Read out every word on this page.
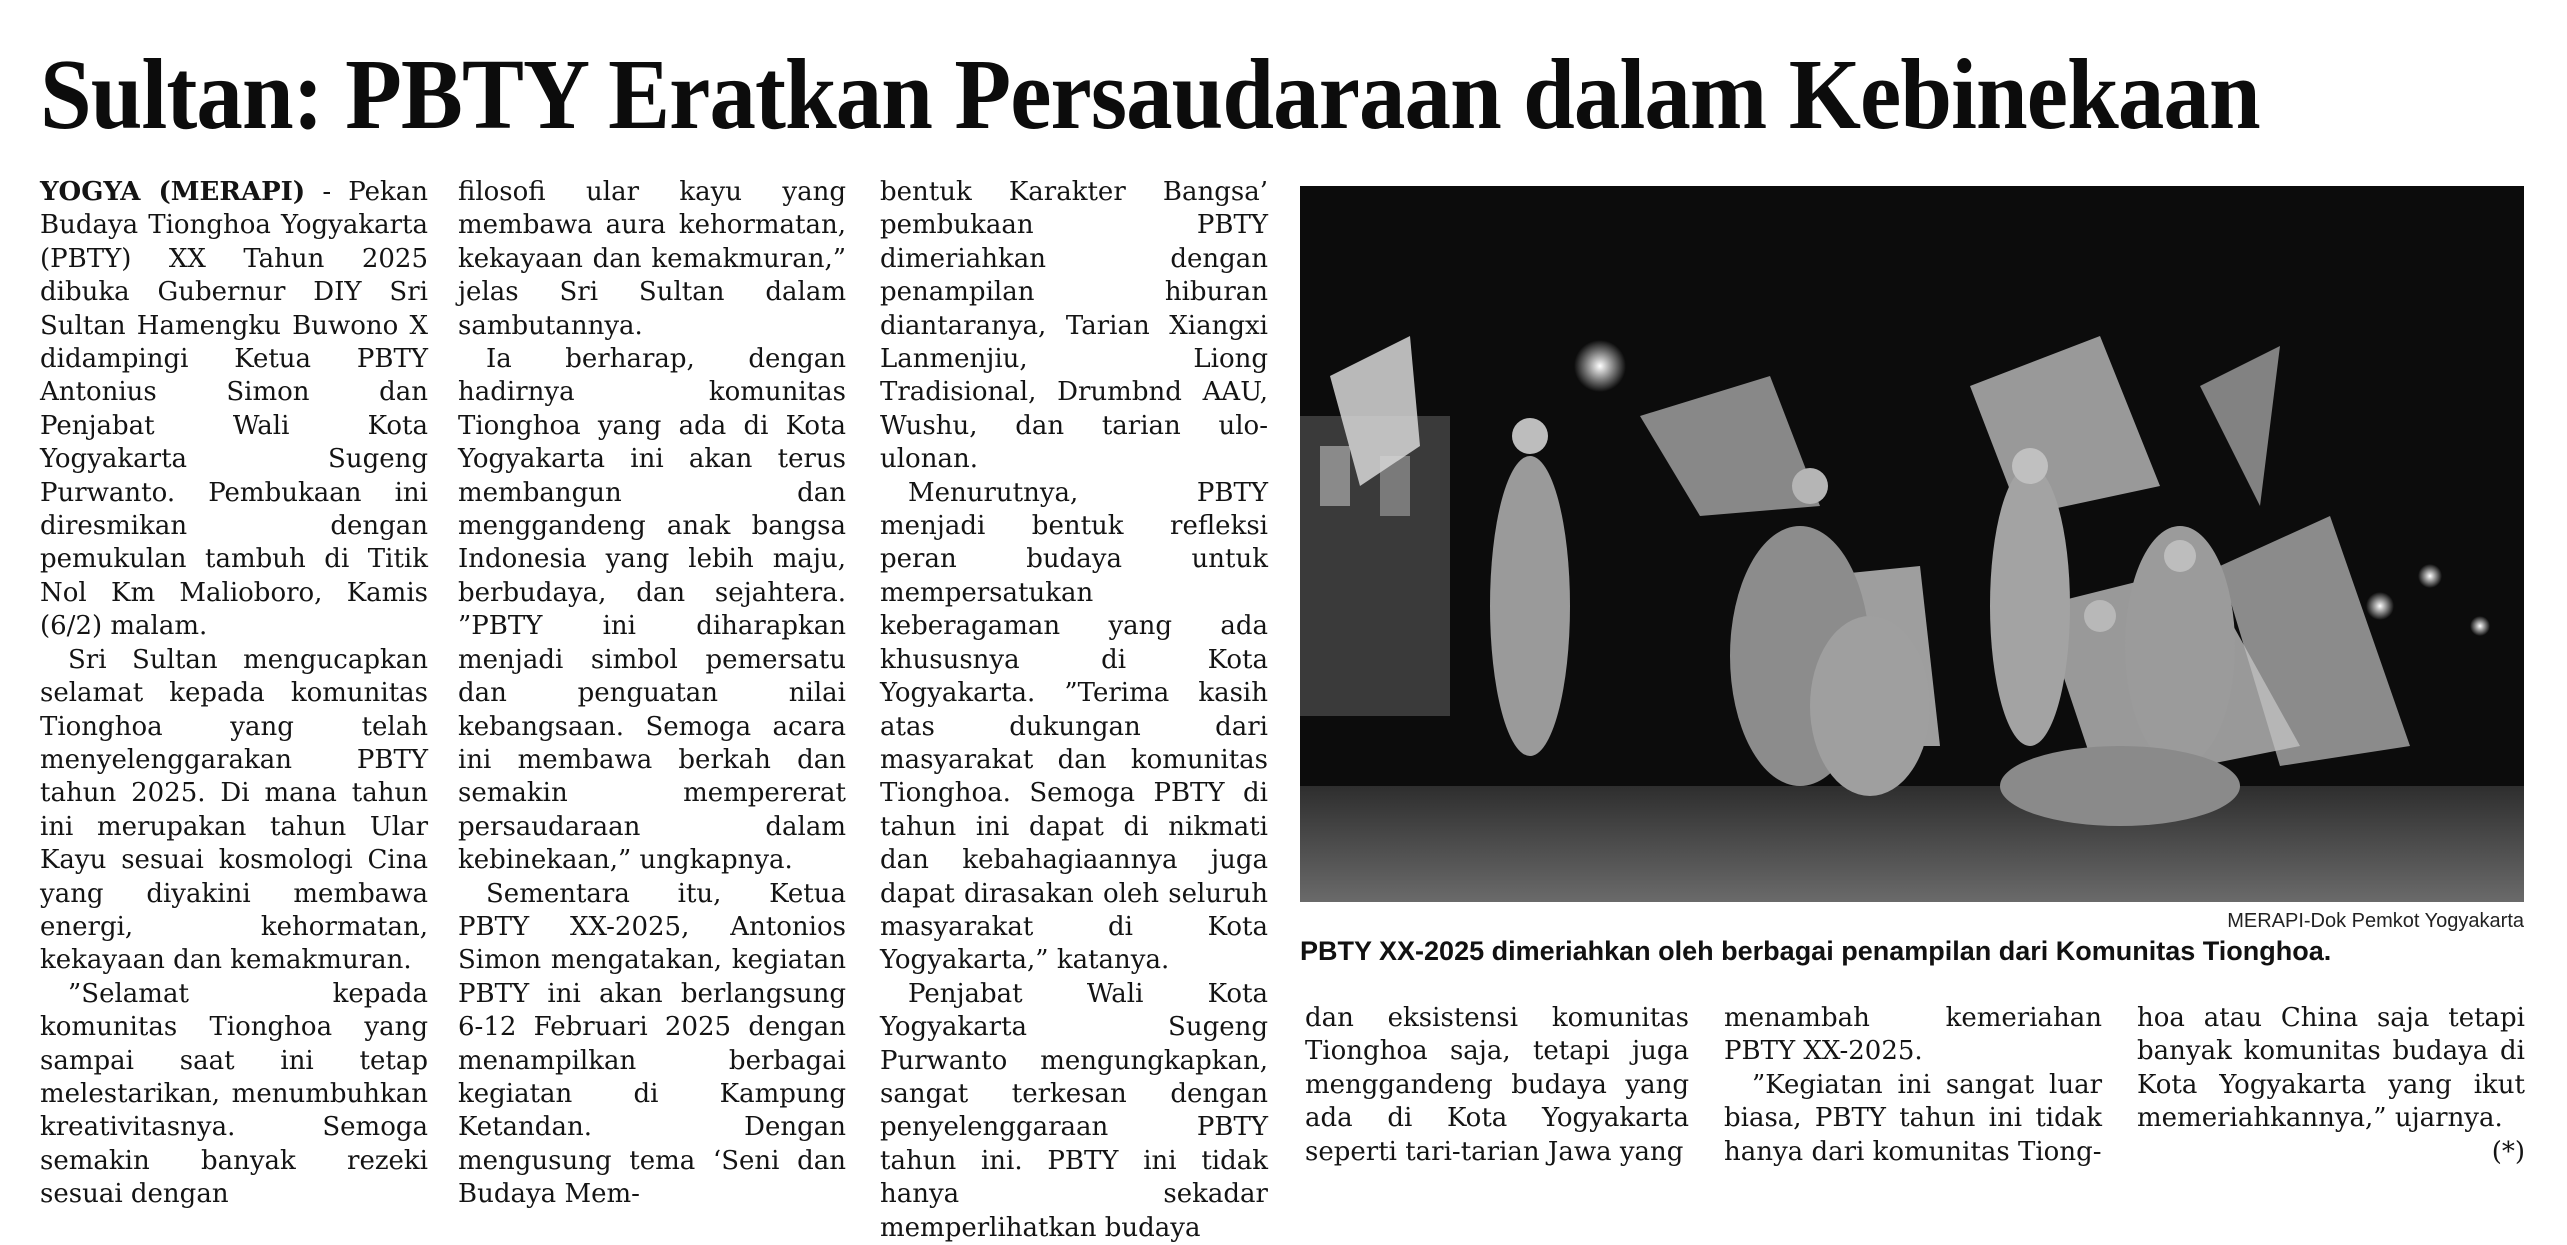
Sultan: PBTY Eratkan Persaudaraan dalam Kebinekaan

YOGYA (MERAPI) - Pekan Budaya Tionghoa Yogyakarta (PBTY) XX Tahun 2025 dibuka Gubernur DIY Sri Sultan Hamengku Buwono X didampingi Ketua PBTY Antonius Simon dan Penjabat Wali Kota Yogyakarta Sugeng Purwanto. Pembukaan ini diresmikan dengan pemukulan tambuh di Titik Nol Km Malioboro, Kamis (6/2) malam.

Sri Sultan mengucapkan selamat kepada komunitas Tionghoa yang telah menyelenggarakan PBTY tahun 2025. Di mana tahun ini merupakan tahun Ular Kayu sesuai kosmologi Cina yang diyakini membawa energi, kehormatan, kekayaan dan kemakmuran.

”Selamat kepada komunitas Tionghoa yang sampai saat ini tetap melestarikan, menumbuhkan kreativitasnya. Semoga semakin banyak rezeki sesuai dengan

filosofi ular kayu yang membawa aura kehormatan, kekayaan dan kemakmuran,” jelas Sri Sultan dalam sambutannya.

Ia berharap, dengan hadirnya komunitas Tionghoa yang ada di Kota Yogyakarta ini akan terus membangun dan menggandeng anak bangsa Indonesia yang lebih maju, berbudaya, dan sejahtera. ”PBTY ini diharapkan menjadi simbol pemersatu dan penguatan nilai kebangsaan. Semoga acara ini membawa berkah dan semakin mempererat persaudaraan dalam kebinekaan,” ungkapnya.

Sementara itu, Ketua PBTY XX-2025, Antonios Simon mengatakan, kegiatan PBTY ini akan berlangsung 6-12 Februari 2025 dengan menampilkan berbagai kegiatan di Kampung Ketandan. Dengan mengusung tema ‘Seni dan Budaya Mem-

bentuk Karakter Bangsa’ pembukaan PBTY dimeriahkan dengan penampilan hiburan diantaranya, Tarian Xiangxi Lanmenjiu, Liong Tradisional, Drumbnd AAU, Wushu, dan tarian ulo-ulonan.

Menurutnya, PBTY menjadi bentuk refleksi peran budaya untuk mempersatukan keberagaman yang ada khususnya di Kota Yogyakarta. ”Terima kasih atas dukungan dari masyarakat dan komunitas Tionghoa. Semoga PBTY di tahun ini dapat di nikmati dan kebahagiaannya juga dapat dirasakan oleh seluruh masyarakat di Kota Yogyakarta,” katanya.

Penjabat Wali Kota Yogyakarta Sugeng Purwanto mengungkapkan, sangat terkesan dengan penyelenggaraan PBTY tahun ini. PBTY ini tidak hanya sekadar memperlihatkan budaya

MERAPI-Dok Pemkot Yogyakarta
PBTY XX-2025 dimeriahkan oleh berbagai penampilan dari Komunitas Tionghoa.

dan eksistensi komunitas Tionghoa saja, tetapi juga menggandeng budaya yang ada di Kota Yogyakarta seperti tari-tarian Jawa yang

menambah kemeriahan PBTY XX-2025.

”Kegiatan ini sangat luar biasa, PBTY tahun ini tidak hanya dari komunitas Tiong-

hoa atau China saja tetapi banyak komunitas budaya di Kota Yogyakarta yang ikut memeriahkannya,” ujarnya.

(*)
